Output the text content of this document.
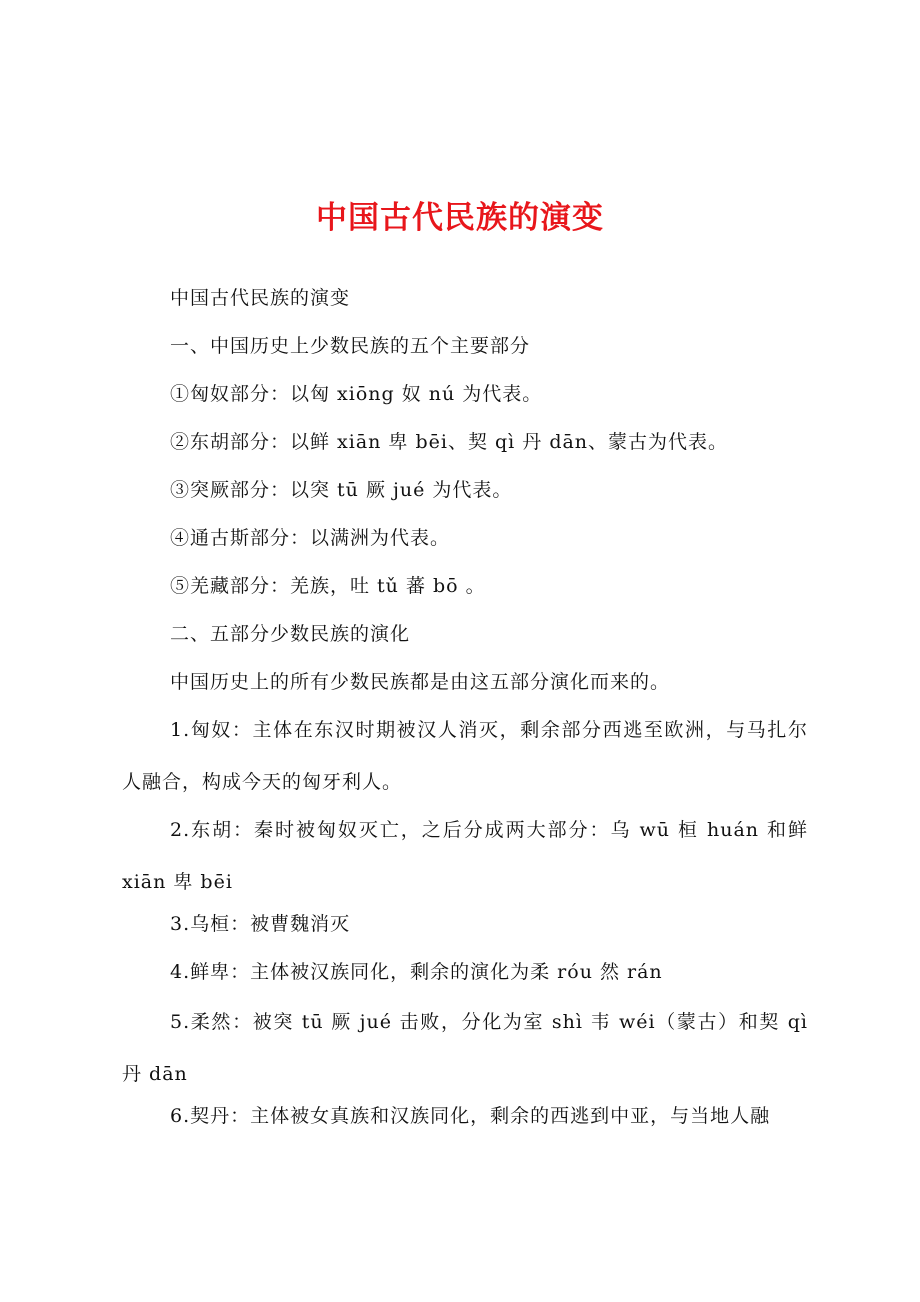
中国古代民族的演变
中国古代民族的演变
一、中国历史上少数民族的五个主要部分
①匈奴部分：以匈 xiōng 奴 nú 为代表。
②东胡部分：以鲜 xiān 卑 bēi、契 qì 丹 dān、蒙古为代表。
③突厥部分：以突 tū 厥 jué 为代表。
④通古斯部分：以满洲为代表。
⑤羌藏部分：羌族，吐 tǔ 蕃 bō 。
二、五部分少数民族的演化
中国历史上的所有少数民族都是由这五部分演化而来的。
1.匈奴：主体在东汉时期被汉人消灭，剩余部分西逃至欧洲，与马扎尔人融合，构成今天的匈牙利人。
2.东胡：秦时被匈奴灭亡，之后分成两大部分：乌 wū 桓 huán 和鲜 xiān 卑 bēi
3.乌桓：被曹魏消灭
4.鲜卑：主体被汉族同化，剩余的演化为柔 róu 然 rán
5.柔然：被突 tū 厥 jué 击败，分化为室 shì 韦 wéi（蒙古）和契 qì 丹 dān
6.契丹：主体被女真族和汉族同化，剩余的西逃到中亚，与当地人融
